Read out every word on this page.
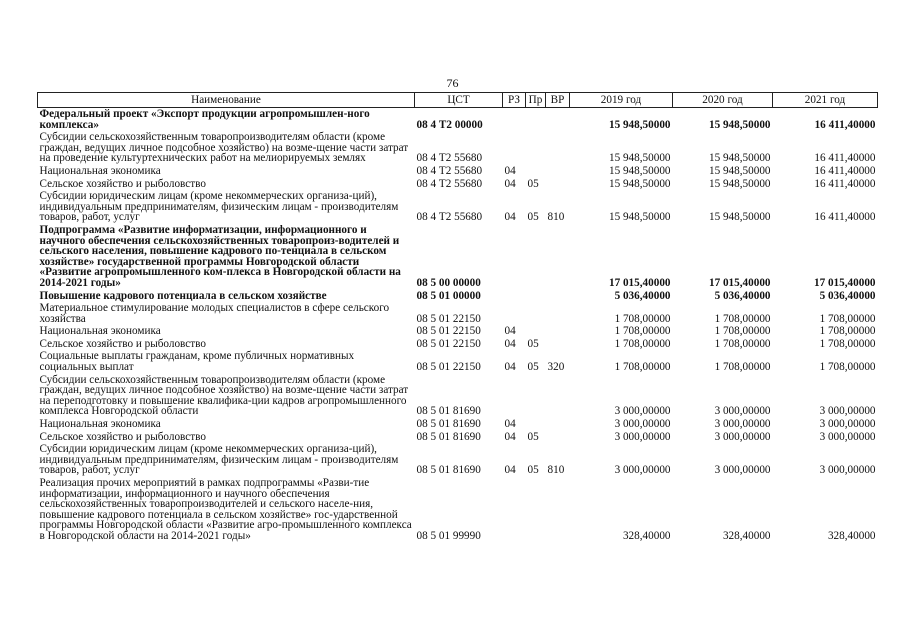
76
Наименование	ЦСТ	РЗ	Пр	ВР	2019 год	2020 год	2021 год
Федеральный проект «Экспорт продукции агропромышлен-ного комплекса»	08 4 Т2 00000				15 948,50000	15 948,50000	16 411,40000
Субсидии сельскохозяйственным товаропроизводителям области (кроме граждан, ведущих личное подсобное хозяйство) на возме-щение части затрат на проведение культуртехнических работ на мелиорируемых землях	08 4 Т2 55680				15 948,50000	15 948,50000	16 411,40000
Национальная экономика	08 4 Т2 55680	04			15 948,50000	15 948,50000	16 411,40000
Сельское хозяйство и рыболовство	08 4 Т2 55680	04	05		15 948,50000	15 948,50000	16 411,40000
Субсидии юридическим лицам (кроме некоммерческих организа-ций), индивидуальным предпринимателям, физическим лицам - производителям товаров, работ, услуг	08 4 Т2 55680	04	05	810	15 948,50000	15 948,50000	16 411,40000
Подпрограмма «Развитие информатизации, информационного и научного обеспечения сельскохозяйственных товаропроиз-водителей и сельского населения, повышение кадрового по-тенциала в сельском хозяйстве» государственной программы Новгородской области «Развитие агропромышленного ком-плекса в Новгородской области на 2014-2021 годы»	08 5 00 00000				17 015,40000	17 015,40000	17 015,40000
Повышение кадрового потенциала в сельском хозяйстве	08 5 01 00000				5 036,40000	5 036,40000	5 036,40000
Материальное стимулирование молодых специалистов в сфере сельского хозяйства	08 5 01 22150				1 708,00000	1 708,00000	1 708,00000
Национальная экономика	08 5 01 22150	04			1 708,00000	1 708,00000	1 708,00000
Сельское хозяйство и рыболовство	08 5 01 22150	04	05		1 708,00000	1 708,00000	1 708,00000
Социальные выплаты гражданам, кроме публичных нормативных социальных выплат	08 5 01 22150	04	05	320	1 708,00000	1 708,00000	1 708,00000
Субсидии сельскохозяйственным товаропроизводителям области (кроме граждан, ведущих личное подсобное хозяйство) на возме-щение части затрат на переподготовку и повышение квалифика-ции кадров агропромышленного комплекса Новгородской области	08 5 01 81690				3 000,00000	3 000,00000	3 000,00000
Национальная экономика	08 5 01 81690	04			3 000,00000	3 000,00000	3 000,00000
Сельское хозяйство и рыболовство	08 5 01 81690	04	05		3 000,00000	3 000,00000	3 000,00000
Субсидии юридическим лицам (кроме некоммерческих организа-ций), индивидуальным предпринимателям, физическим лицам - производителям товаров, работ, услуг	08 5 01 81690	04	05	810	3 000,00000	3 000,00000	3 000,00000
Реализация прочих мероприятий в рамках подпрограммы «Разви-тие информатизации, информационного и научного обеспечения сельскохозяйственных товаропроизводителей и сельского населе-ния, повышение кадрового потенциала в сельском хозяйстве» гос-ударственной программы Новгородской области «Развитие агро-промышленного комплекса в Новгородской области на 2014-2021 годы»	08 5 01 99990				328,40000	328,40000	328,40000
